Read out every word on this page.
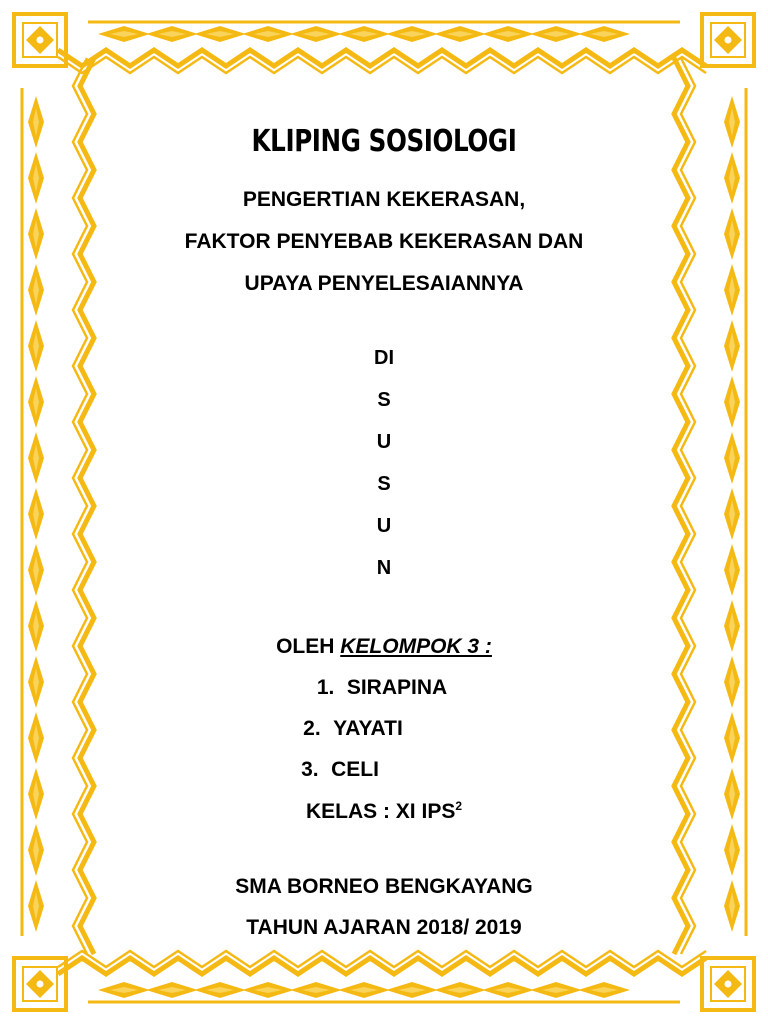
KLIPING SOSIOLOGI
PENGERTIAN KEKERASAN,
FAKTOR PENYEBAB KEKERASAN DAN
UPAYA PENYELESAIANNYA
DI
S
U
S
U
N
OLEH KELOMPOK 3 :
1. SIRAPINA
2. YAYATI
3. CELI
KELAS : XI IPS$^2$
SMA BORNEO BENGKAYANG
TAHUN AJARAN 2018/ 2019
